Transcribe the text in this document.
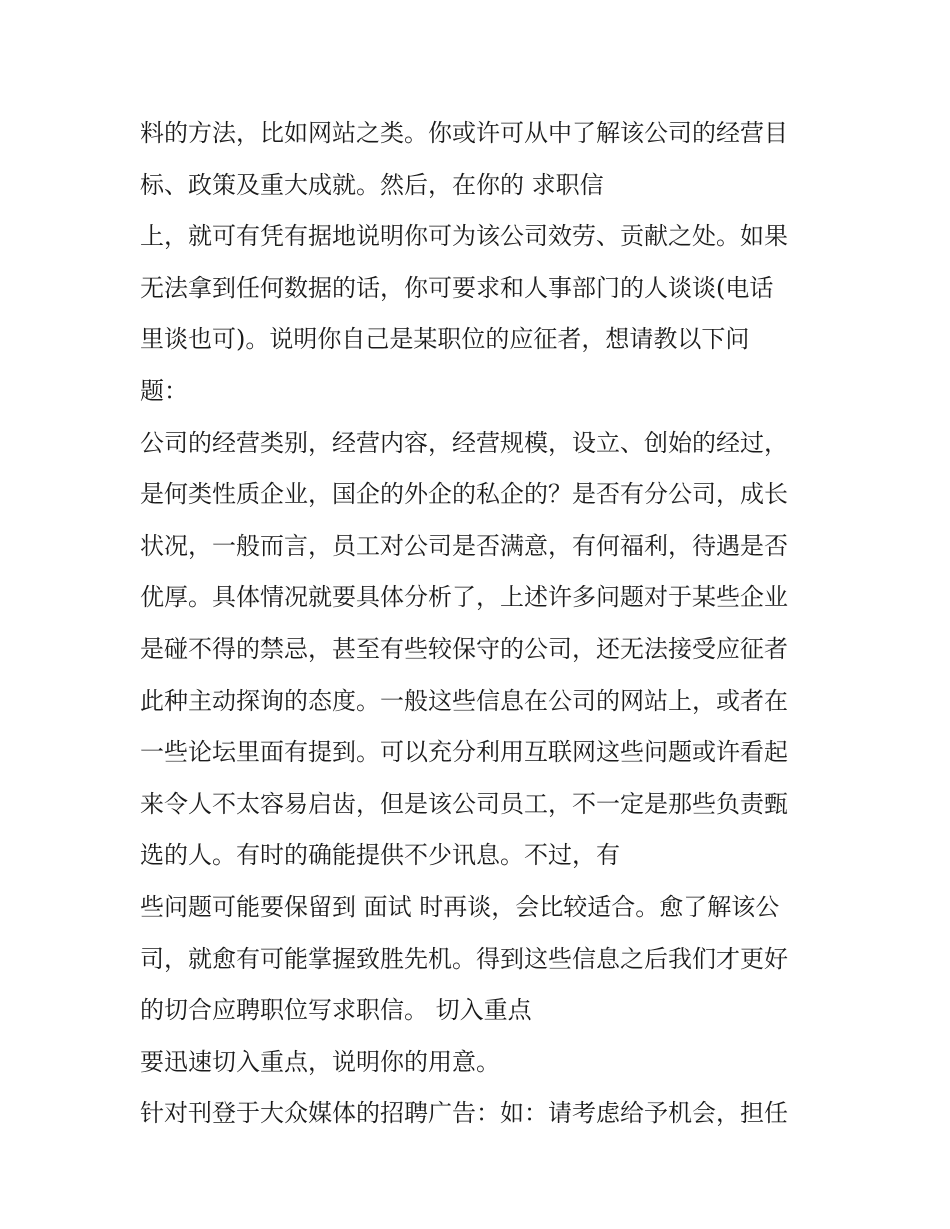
料的方法，比如网站之类。你或许可从中了解该公司的经营目
标、政策及重大成就。然后，在你的 求职信
上，就可有凭有据地说明你可为该公司效劳、贡献之处。如果
无法拿到任何数据的话，你可要求和人事部门的人谈谈(电话
里谈也可)。说明你自己是某职位的应征者，想请教以下问
题：
公司的经营类别，经营内容，经营规模，设立、创始的经过，
是何类性质企业，国企的外企的私企的？是否有分公司，成长
状况，一般而言，员工对公司是否满意，有何福利，待遇是否
优厚。具体情况就要具体分析了，上述许多问题对于某些企业
是碰不得的禁忌，甚至有些较保守的公司，还无法接受应征者
此种主动探询的态度。一般这些信息在公司的网站上，或者在
一些论坛里面有提到。可以充分利用互联网这些问题或许看起
来令人不太容易启齿，但是该公司员工，不一定是那些负责甄
选的人。有时的确能提供不少讯息。不过，有
些问题可能要保留到 面试 时再谈，会比较适合。愈了解该公
司，就愈有可能掌握致胜先机。得到这些信息之后我们才更好
的切合应聘职位写求职信。 切入重点
要迅速切入重点，说明你的用意。
针对刊登于大众媒体的招聘广告：如：请考虑给予机会，担任
